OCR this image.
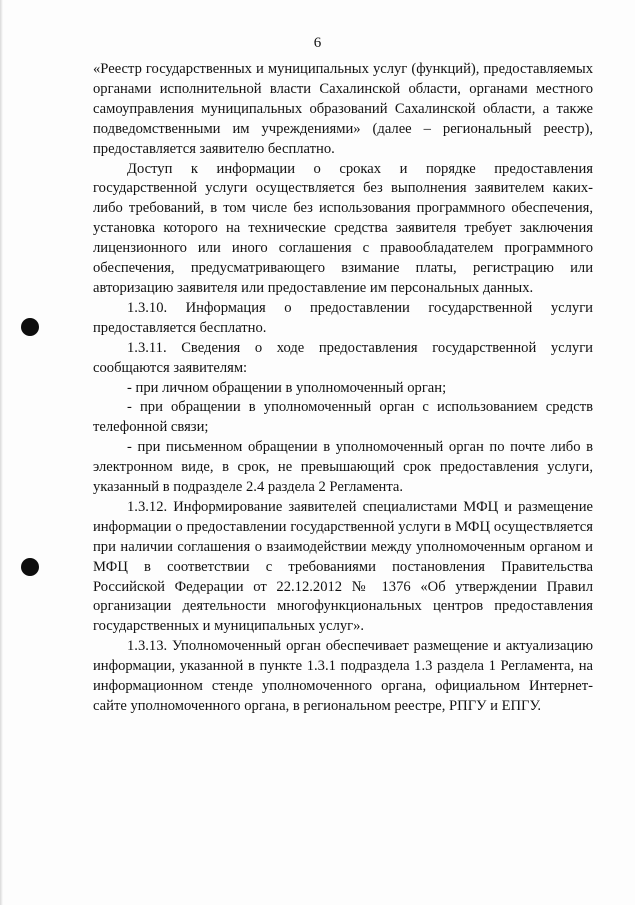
6

«Реестр государственных и муниципальных услуг (функций), предоставляемых органами исполнительной власти Сахалинской области, органами местного самоуправления муниципальных образований Сахалинской области, а также подведомственными им учреждениями» (далее – региональный реестр), предоставляется заявителю бесплатно.

Доступ к информации о сроках и порядке предоставления государственной услуги осуществляется без выполнения заявителем каких-либо требований, в том числе без использования программного обеспечения, установка которого на технические средства заявителя требует заключения лицензионного или иного соглашения с правообладателем программного обеспечения, предусматривающего взимание платы, регистрацию или авторизацию заявителя или предоставление им персональных данных.

1.3.10. Информация о предоставлении государственной услуги предоставляется бесплатно.

1.3.11. Сведения о ходе предоставления государственной услуги сообщаются заявителям:

- при личном обращении в уполномоченный орган;

- при обращении в уполномоченный орган с использованием средств телефонной связи;

- при письменном обращении в уполномоченный орган по почте либо в электронном виде, в срок, не превышающий срок предоставления услуги, указанный в подразделе 2.4 раздела 2 Регламента.

1.3.12. Информирование заявителей специалистами МФЦ и размещение информации о предоставлении государственной услуги в МФЦ осуществляется при наличии соглашения о взаимодействии между уполномоченным органом и МФЦ в соответствии с требованиями постановления Правительства Российской Федерации от 22.12.2012 № 1376 «Об утверждении Правил организации деятельности многофункциональных центров предоставления государственных и муниципальных услуг».

1.3.13. Уполномоченный орган обеспечивает размещение и актуализацию информации, указанной в пункте 1.3.1 подраздела 1.3 раздела 1 Регламента, на информационном стенде уполномоченного органа, официальном Интернет-сайте уполномоченного органа, в региональном реестре, РПГУ и ЕПГУ.
